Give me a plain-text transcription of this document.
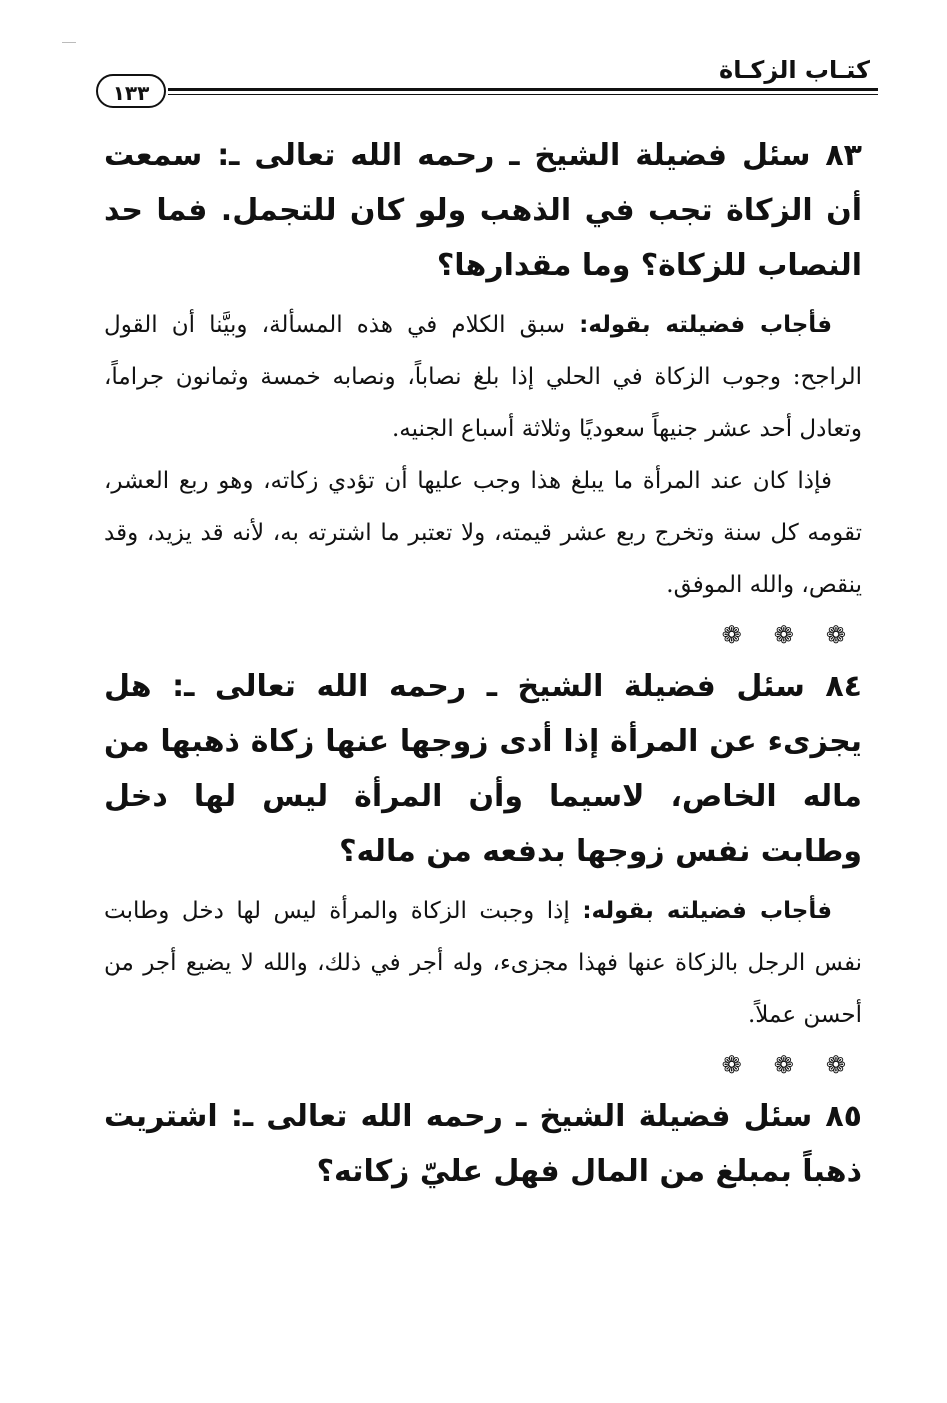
كتـاب الزكـاة
١٣٣

٨٣ سئل فضيلة الشيخ ـ رحمه الله تعالى ـ: سمعت أن الزكاة تجب في الذهب ولو كان للتجمل. فما حد النصاب للزكاة؟ وما مقدارها؟

فأجاب فضيلته بقوله: سبق الكلام في هذه المسألة، وبيَّنا أن القول الراجح: وجوب الزكاة في الحلي إذا بلغ نصاباً، ونصابه خمسة وثمانون جراماً، وتعادل أحد عشر جنيهاً سعوديًا وثلاثة أسباع الجنيه.

فإذا كان عند المرأة ما يبلغ هذا وجب عليها أن تؤدي زكاته، وهو ربع العشر، تقومه كل سنة وتخرج ربع عشر قيمته، ولا تعتبر ما اشترته به، لأنه قد يزيد، وقد ينقص، والله الموفق.

❁ ❁ ❁

٨٤ سئل فضيلة الشيخ ـ رحمه الله تعالى ـ: هل يجزىء عن المرأة إذا أدى زوجها عنها زكاة ذهبها من ماله الخاص، لاسيما وأن المرأة ليس لها دخل وطابت نفس زوجها بدفعه من ماله؟

فأجاب فضيلته بقوله: إذا وجبت الزكاة والمرأة ليس لها دخل وطابت نفس الرجل بالزكاة عنها فهذا مجزىء، وله أجر في ذلك، والله لا يضيع أجر من أحسن عملاً.

❁ ❁ ❁

٨٥ سئل فضيلة الشيخ ـ رحمه الله تعالى ـ: اشتريت ذهباً بمبلغ من المال فهل عليّ زكاته؟
